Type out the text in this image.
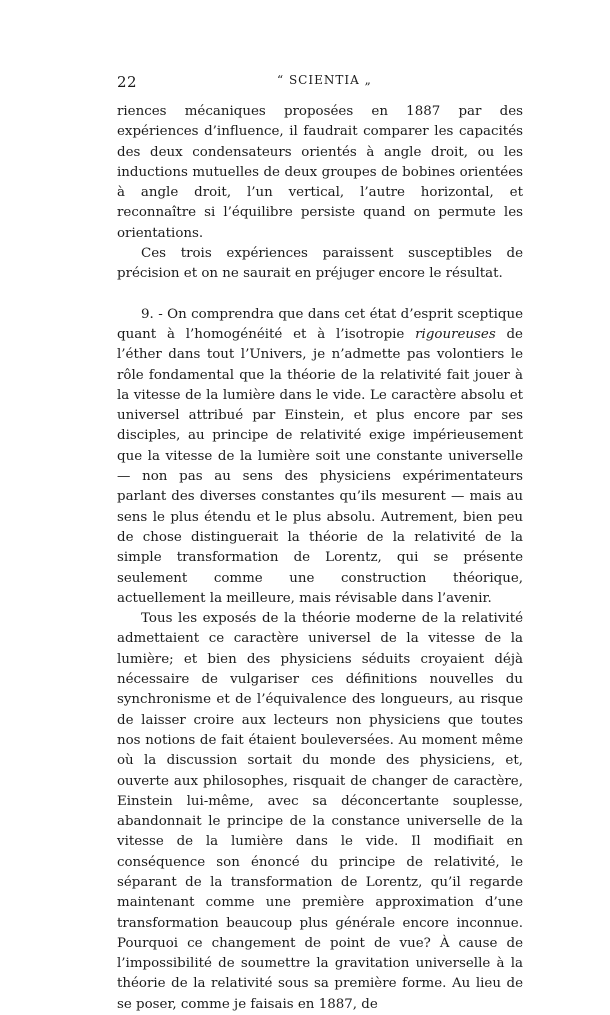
22	“ SCIENTIA „

riences mécaniques proposées en 1887 par des expériences d’influence, il faudrait comparer les capacités des deux condensateurs orientés à angle droit, ou les inductions mutuelles de deux groupes de bobines orientées à angle droit, l’un vertical, l’autre horizontal, et reconnaître si l’équilibre persiste quand on permute les orientations.

Ces trois expériences paraissent susceptibles de précision et on ne saurait en préjuger encore le résultat.

9. - On comprendra que dans cet état d’esprit sceptique quant à l’homogénéité et à l’isotropie rigoureuses de l’éther dans tout l’Univers, je n’admette pas volontiers le rôle fondamental que la théorie de la relativité fait jouer à la vitesse de la lumière dans le vide. Le caractère absolu et universel attribué par Einstein, et plus encore par ses disciples, au principe de relativité exige impérieusement que la vitesse de la lumière soit une constante universelle — non pas au sens des physiciens expérimentateurs parlant des diverses constantes qu’ils mesurent — mais au sens le plus étendu et le plus absolu. Autrement, bien peu de chose distinguerait la théorie de la relativité de la simple transformation de Lorentz, qui se présente seulement comme une construction théorique, actuellement la meilleure, mais révisable dans l’avenir.

Tous les exposés de la théorie moderne de la relativité admettaient ce caractère universel de la vitesse de la lumière; et bien des physiciens séduits croyaient déjà nécessaire de vulgariser ces définitions nouvelles du synchronisme et de l’équivalence des longueurs, au risque de laisser croire aux lecteurs non physiciens que toutes nos notions de fait étaient bouleversées. Au moment même où la discussion sortait du monde des physiciens, et, ouverte aux philosophes, risquait de changer de caractère, Einstein lui-même, avec sa déconcertante souplesse, abandonnait le principe de la constance universelle de la vitesse de la lumière dans le vide. Il modifiait en conséquence son énoncé du principe de relativité, le séparant de la transformation de Lorentz, qu’il regarde maintenant comme une première approximation d’une transformation beaucoup plus générale encore inconnue. Pourquoi ce changement de point de vue? À cause de l’impossibilité de soumettre la gravitation universelle à la théorie de la relativité sous sa première forme. Au lieu de se poser, comme je faisais en 1887, de
